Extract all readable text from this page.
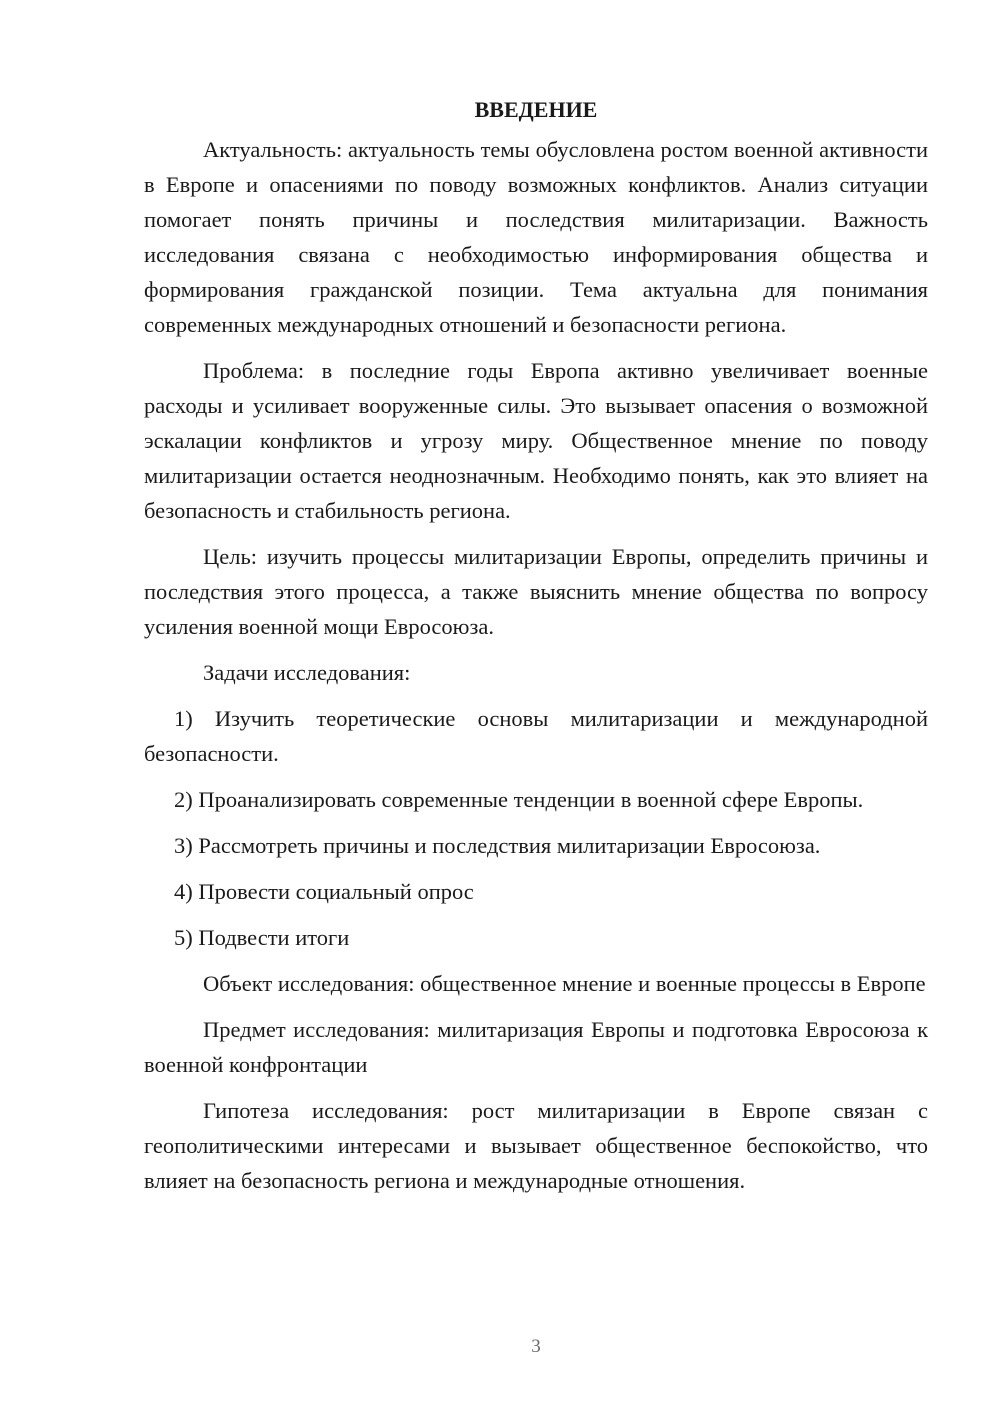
ВВЕДЕНИЕ

Актуальность: актуальность темы обусловлена ростом военной активности в Европе и опасениями по поводу возможных конфликтов. Анализ ситуации помогает понять причины и последствия милитаризации. Важность исследования связана с необходимостью информирования общества и формирования гражданской позиции. Тема актуальна для понимания современных международных отношений и безопасности региона.

Проблема: в последние годы Европа активно увеличивает военные расходы и усиливает вооруженные силы. Это вызывает опасения о возможной эскалации конфликтов и угрозу миру. Общественное мнение по поводу милитаризации остается неоднозначным. Необходимо понять, как это влияет на безопасность и стабильность региона.

Цель: изучить процессы милитаризации Европы, определить причины и последствия этого процесса, а также выяснить мнение общества по вопросу усиления военной мощи Евросоюза.

Задачи исследования:

1) Изучить теоретические основы милитаризации и международной безопасности.

2) Проанализировать современные тенденции в военной сфере Европы.

3) Рассмотреть причины и последствия милитаризации Евросоюза.

4) Провести социальный опрос

5) Подвести итоги

Объект исследования: общественное мнение и военные процессы в Европе

Предмет исследования: милитаризация Европы и подготовка Евросоюза к военной конфронтации

Гипотеза исследования: рост милитаризации в Европе связан с геополитическими интересами и вызывает общественное беспокойство, что влияет на безопасность региона и международные отношения.

3
